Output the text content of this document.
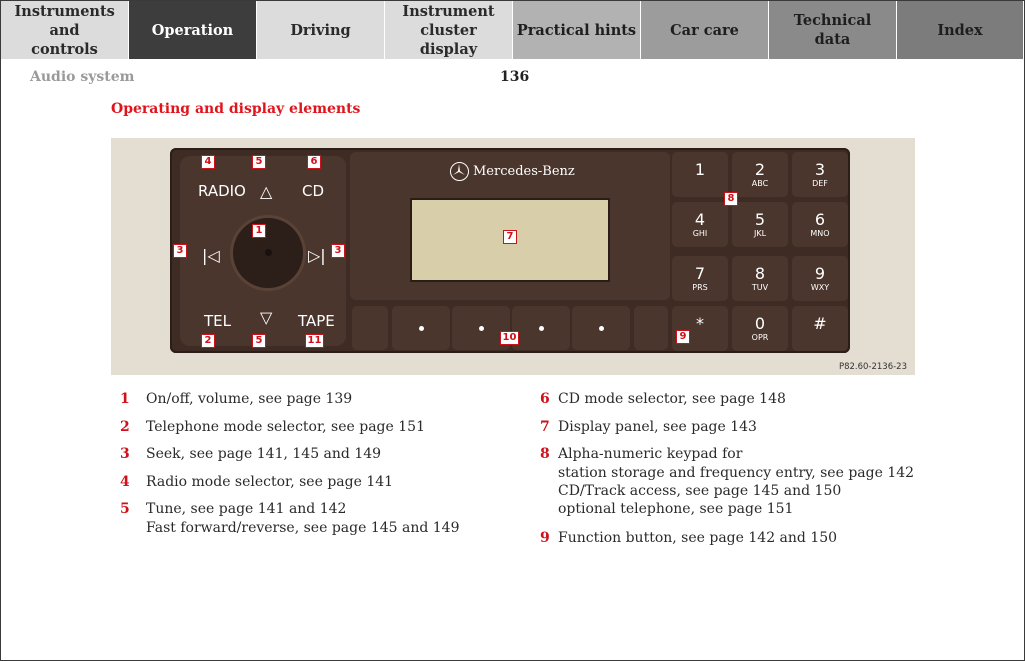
Instruments and controls
Operation	Driving
Instrument cluster display
Practical hints Car care
Technical data
Index
Audio system	136
Operating and display elements
RADIO	CD
TEL	TAPE
△
▽
|◁	▷|
Mercedes-Benz	1	2
ABC
3
DEF
4
GHI
5
JKL
6
MNO
7
PRS
8
TUV
9
WXY
*	0
OPR
#
4	5	6
1
3	3
2	5	11
7
8
9
10
P82.60-2136-23
1 On/off, volume, see page 139
2 Telephone mode selector, see page 151
3 Seek, see page 141, 145 and 149
4 Radio mode selector, see page 141
5 Tune, see page 141 and 142
Fast forward/reverse, see page 145 and 149
6 CD mode selector, see page 148
7 Display panel, see page 143
8 Alpha-numeric keypad for
station storage and frequency entry, see page 142
CD/Track access, see page 145 and 150
optional telephone, see page 151
9 Function button, see page 142 and 150
